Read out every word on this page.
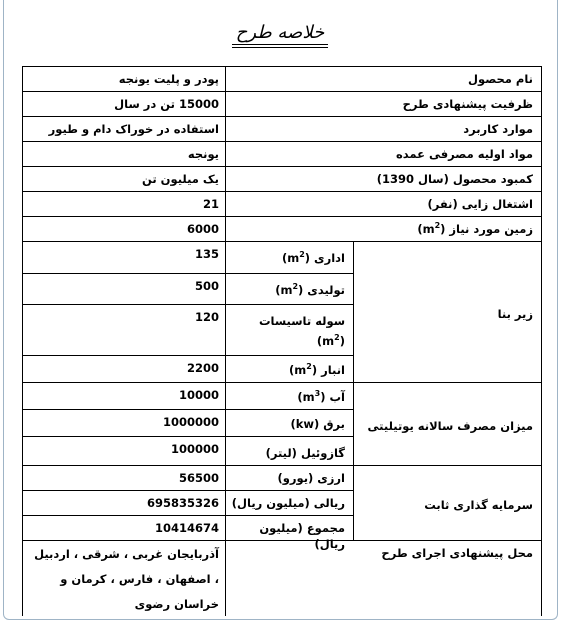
خلاصه طرح
نام محصول
پودر و پلیت یونجه
ظرفیت پیشنهادی طرح
15000 تن در سال
موارد کاربرد
استفاده در خوراک دام و طیور
مواد اولیه مصرفی عمده
یونجه
کمبود محصول (سال 1390)
یک میلیون تن
اشتغال زایی (نفر)
21
زمین مورد نیاز $(m^2)$
6000
زیر بنا
اداری $(m^2)$
135
تولیدی $(m^2)$
500
سوله تاسیسات $(m^2)$
120
انبار $(m^2)$
2200
میزان مصرف سالانه یوتیلیتی
آب $(m^3)$
10000
برق (kw)
1000000
گازوئیل (لیتر)
100000
سرمایه گذاری ثابت
ارزی (یورو)
56500
ریالی (میلیون ریال)
695835326
مجموع (میلیون ریال)
10414674
محل پیشنهادی اجرای طرح
آذربایجان غربی ، شرقی ، اردبیل ، اصفهان ، فارس ، کرمان و خراسان رضوی
